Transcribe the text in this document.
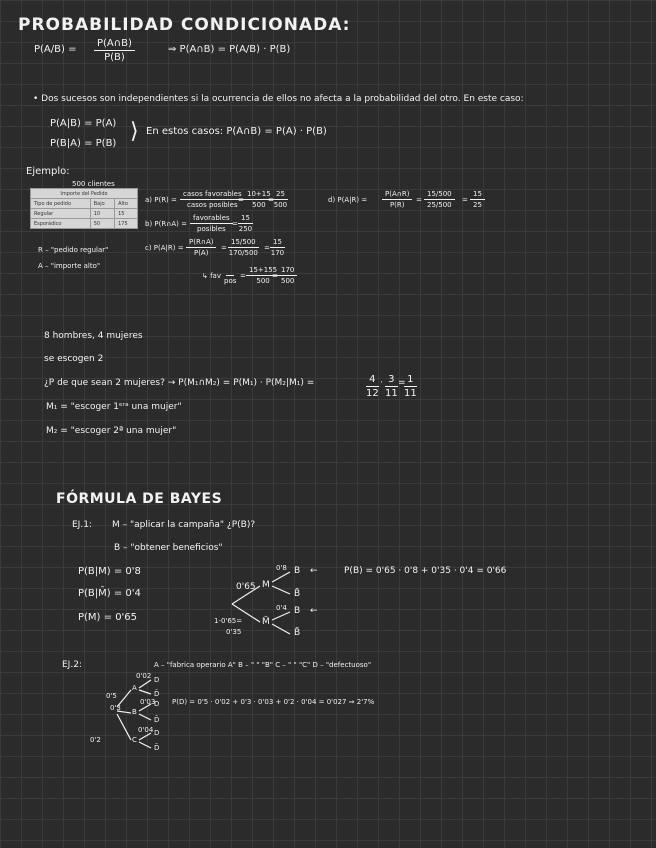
PROBABILIDAD CONDICIONADA:
$P(A/B) = \frac{P(A\cap B)}{P(B)}$	⇒ P(A∩B) = P(A/B) · P(B)
• Dos sucesos son independientes si la ocurrencia de ellos no afecta a la probabilidad del otro. En este caso:
P(A|B) = P(A)
P(B|A) = P(B) ⟩ En estos casos: P(A∩B) = P(A) · P(B)
Ejemplo:
500 clientes
Importe del Pedido		
Tipo de pedido	Bajo	Alto
Regular	10	15
Esporádico	50	175
R – "pedido regular"
A – "importe alto"
a) P(R) =
casos favorables
casos posibles
= $\frac{10+15}{500}$
= $\frac{25}{500}$
b) P(R∩A) =
favorables
posibles
= $\frac{15}{250}$
c) $P(A|R) = \frac{P(R\cap A)}{P(A)} = \frac{15/500}{170/500} = \frac{15}{170}$
↳ fav

pos
= $\frac{15+155}{500}$
= $\frac{170}{500}$
d) $P(A|R) = \frac{P(A\cap R)}{P(R)} = \frac{15/500}{25/500} = \frac{15}{25}$
8 hombres, 4 mujeres
se escogen 2
¿P de que sean 2 mujeres? → P(M₁∩M₂) = P(M₁) · P(M₂|M₁) =	$\frac{4}{12} \cdot \frac{3}{11}$ =
$\frac{1}{11}$
M₁ = "escoger 1ᵉʳᵃ una mujer"
M₂ = "escoger 2ª una mujer"
FÓRMULA DE BAYES
EJ.1: M – "aplicar la campaña" ¿P(B)?
B – "obtener beneficios"
P(B|M) = 0'8
P(B|M̄) = 0'4
P(M) = 0'65
0'65 M
M̄
1-0'65=
0'35
0'8 B ←
B̄
0'4 B ←
B̄
P(B) = 0'65 · 0'8 + 0'35 · 0'4 = 0'66
EJ.2:	A – "fabrica operario A" B – " " "B" C – " " "C" D – "defectuoso"
0'5
0'3
0'2
A
B
C
0'02 D
D̄
0'03
D
D̄
0'04 D
D̄
P(D) = 0'5 · 0'02 + 0'3 · 0'03 + 0'2 · 0'04 = 0'027 ⇒ 2'7%
